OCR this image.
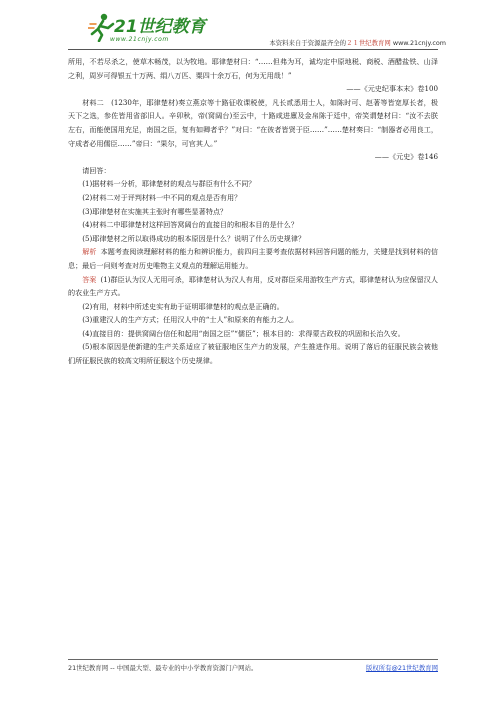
21世纪教育
www.21cnjy.com	本资料来自于资源最齐全的２１世纪教育网 www.21cnjy.com

所用，不若尽杀之，使草木畅茂，以为牧地。耶律楚材曰：“……但弗为耳，诚均定中原地税、商税、酒醋盐铁、山泽之利，周岁可得银五十万两、绢八万匹、粟四十余万石，何为无用哉！”

——《元史纪事本末》卷100

材料二　(1230年，耶律楚材)奏立燕京等十路征收课税使，凡长贰悉用士人，如陈时可、赵著等皆宽厚长者，极天下之选，参佐皆用省部旧人。辛卯秋，帝(窝阔台)至云中，十路咸进廪及金帛陈于廷中，帝笑谓楚材曰：“汝不去朕左右，而能使国用充足，南国之臣，复有如卿者乎？”对曰：“在彼者皆贤于臣……”……楚材奏曰：“制器者必用良工，守成者必用儒臣……”帝曰：“果尔，可官其人。”

——《元史》卷146

请回答：

(1)据材料一分析，耶律楚材的观点与群臣有什么不同？

(2)材料二对于评判材料一中不同的观点是否有用？

(3)耶律楚材在实施其主张时有哪些显著特点？

(4)材料二中耶律楚材这样回答窝阔台的直接目的和根本目的是什么？

(5)耶律楚材之所以取得成功的根本原因是什么？说明了什么历史规律？

解析 本题考查阅读理解材料的能力和辨识能力，前四问主要考查依据材料回答问题的能力，关键是找到材料的信息；最后一问则考查对历史唯物主义观点的理解运用能力。

答案 (1)群臣认为汉人无用可杀，耶律楚材认为汉人有用，反对群臣采用游牧生产方式，耶律楚材认为应保留汉人的农业生产方式。

(2)有用，材料中所述史实有助于证明耶律楚材的观点是正确的。

(3)重建汉人的生产方式；任用汉人中的“士人”和原来的有能力之人。

(4)直接目的：提供窝阔台信任和起用“南国之臣”“儒臣”；根本目的：求得蒙古政权的巩固和长治久安。

(5)根本原因是使新建的生产关系适应了被征服地区生产力的发展，产生推进作用。说明了落后的征服民族会被他们所征服民族的较高文明所征服这个历史规律。

21世纪教育网 -- 中国最大型、最专业的中小学教育资源门户网站。	版权所有@21世纪教育网
